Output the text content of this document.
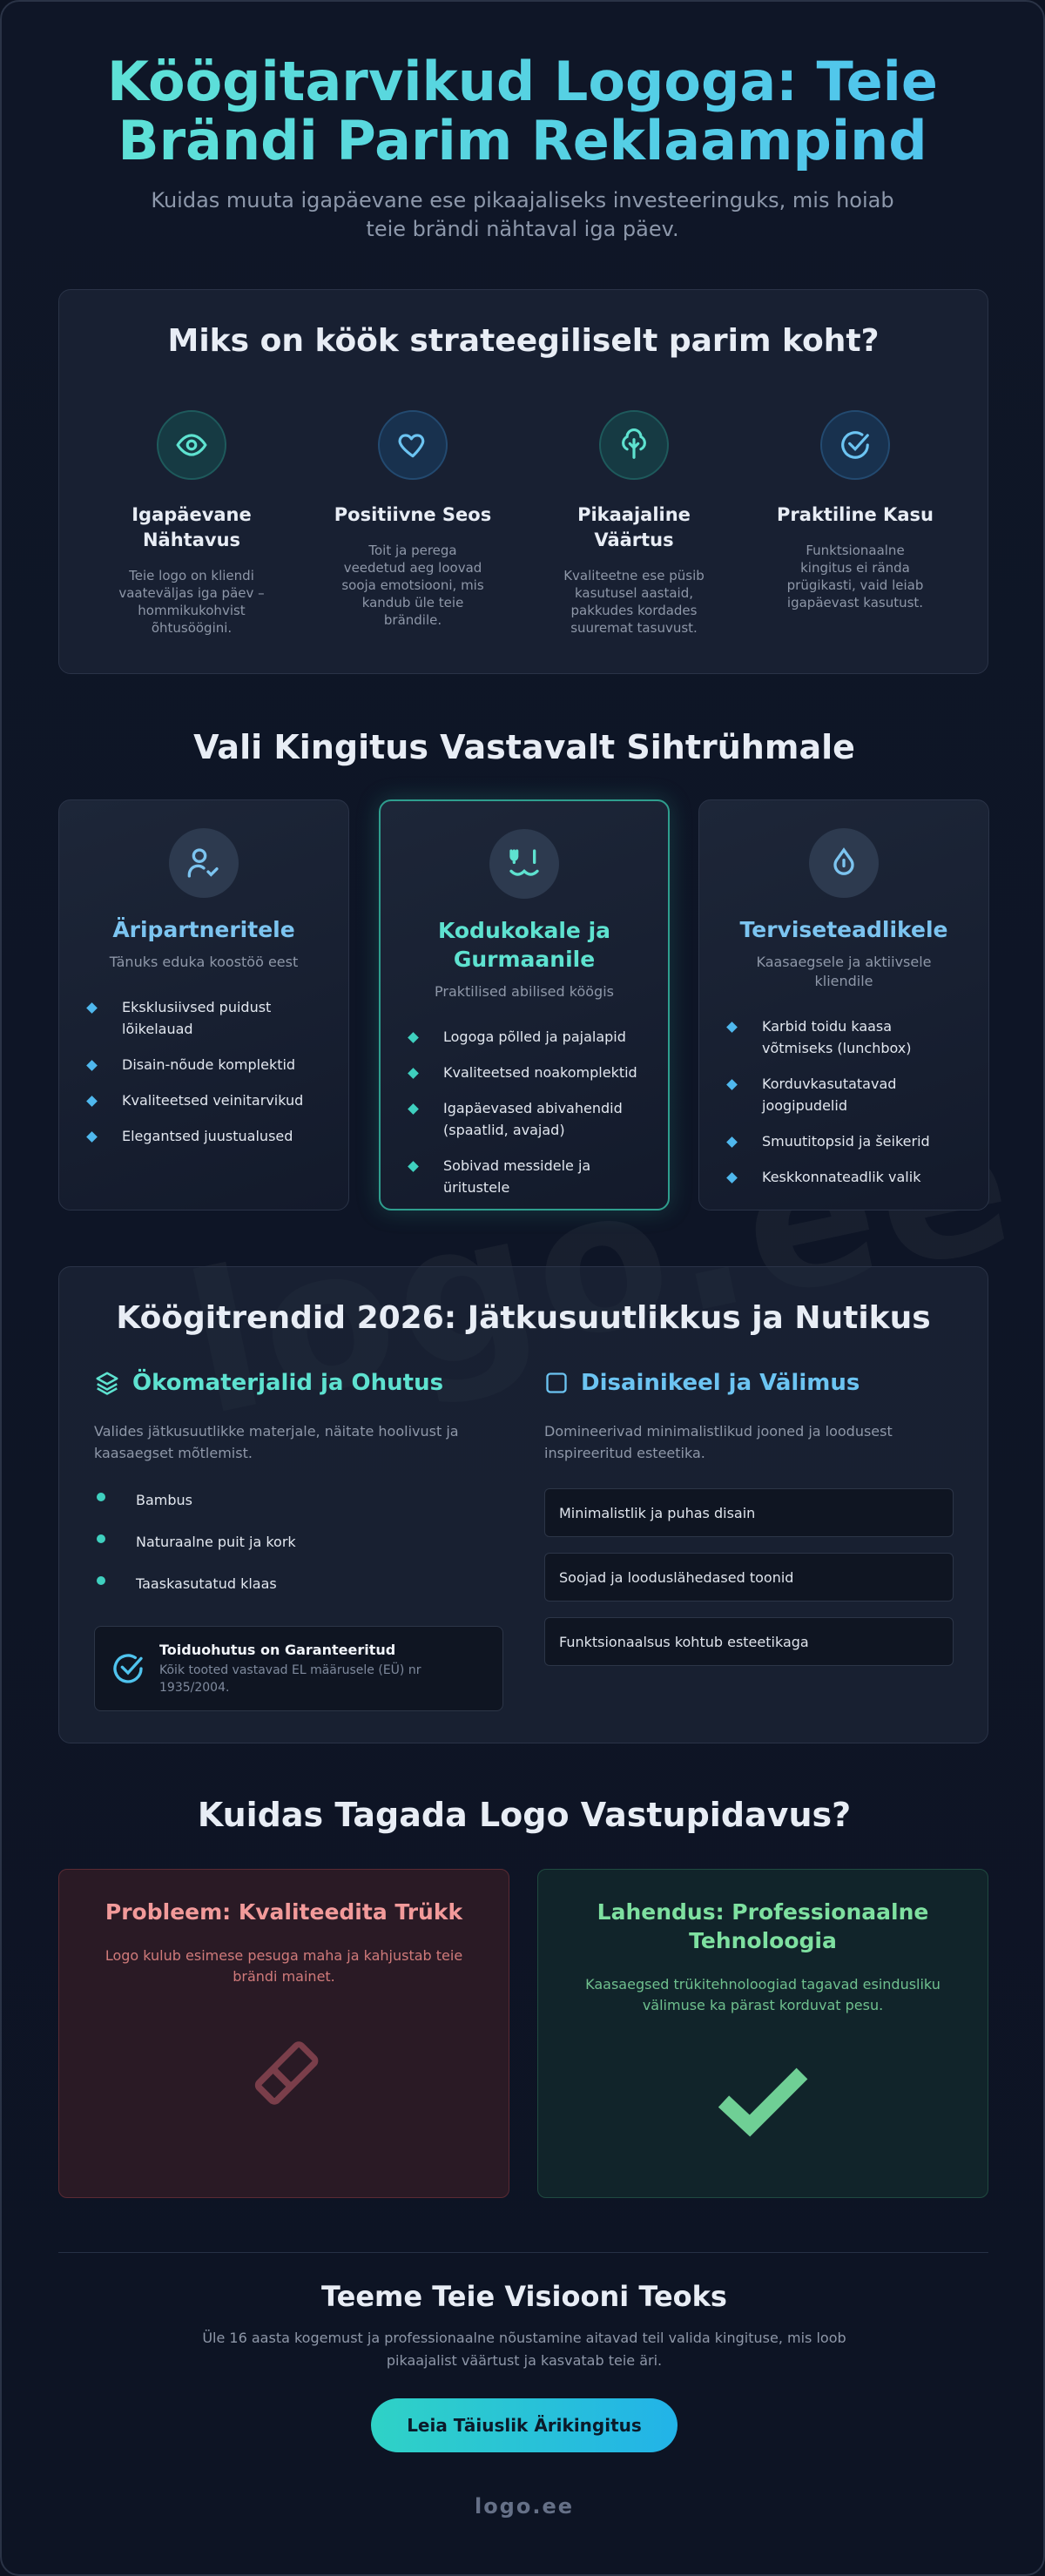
Köögitarvikud Logoga: Teie Brändi Parim Reklaampind

Kuidas muuta igapäevane ese pikaajaliseks investeeringuks, mis hoiab teie brändi nähtaval iga päev.

Miks on köök strateegiliselt parim koht?
Igapäevane Nähtavus

Teie logo on kliendi vaateväljas iga päev – hommikukohvist õhtusöögini.

Positiivne Seos

Toit ja perega veedetud aeg loovad sooja emotsiooni, mis kandub üle teie brändile.

Pikaajaline Väärtus

Kvaliteetne ese püsib kasutusel aastaid, pakkudes kordades suuremat tasuvust.

Praktiline Kasu

Funktsionaalne kingitus ei rända prügikasti, vaid leiab igapäevast kasutust.

Vali Kingitus Vastavalt Sihtrühmale
Äripartneritele
Tänuks eduka koostöö eest
Eksklusiivsed puidust lõikelauad
Disain-nõude komplektid
Kvaliteetsed veinitarvikud
Elegantsed juustualused
Kodukokale ja Gurmaanile
Praktilised abilised köögis
Logoga põlled ja pajalapid
Kvaliteetsed noakomplektid
Igapäevased abivahendid (spaatlid, avajad)
Sobivad messidele ja üritustele
Terviseteadlikele
Kaasaegsele ja aktiivsele kliendile
Karbid toidu kaasa võtmiseks (lunchbox)
Korduvkasutatavad joogipudelid
Smuutitopsid ja šeikerid
Keskkonnateadlik valik
Köögitrendid 2026: Jätkusuutlikkus ja Nutikus
Ökomaterjalid ja Ohutus

Valides jätkusuutlikke materjale, näitate hoolivust ja kaasaegset mõtlemist.

Bambus
Naturaalne puit ja kork
Taaskasutatud klaas
Toiduohutus on Garanteeritud
Kõik tooted vastavad EL määrusele (EÜ) nr 1935/2004.
Disainikeel ja Välimus

Domineerivad minimalistlikud jooned ja loodusest inspireeritud esteetika.

Minimalistlik ja puhas disain
Soojad ja looduslähedased toonid
Funktsionaalsus kohtub esteetikaga
Kuidas Tagada Logo Vastupidavus?
Probleem: Kvaliteedita Trükk

Logo kulub esimese pesuga maha ja kahjustab teie brändi mainet.

Lahendus: Professionaalne Tehnoloogia

Kaasaegsed trükitehnoloogiad tagavad esindusliku välimuse ka pärast korduvat pesu.

Teeme Teie Visiooni Teoks

Üle 16 aasta kogemust ja professionaalne nõustamine aitavad teil valida kingituse, mis loob pikaajalist väärtust ja kasvatab teie äri.

Leia Täiuslik Ärikingitus
logo.ee
